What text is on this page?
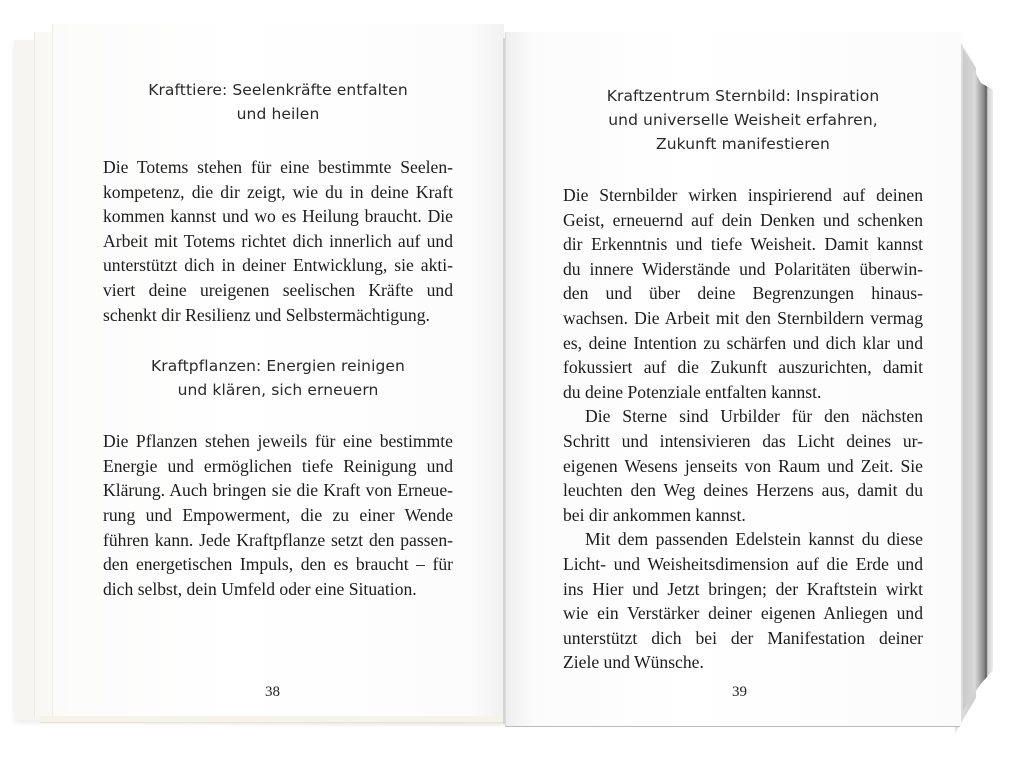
Krafttiere: Seelenkräfte entfalten
und heilen
Die Totems stehen für eine bestimmte Seelen-
kompetenz, die dir zeigt, wie du in deine Kraft
kommen kannst und wo es Heilung braucht. Die
Arbeit mit Totems richtet dich innerlich auf und
unterstützt dich in deiner Entwicklung, sie akti-
viert deine ureigenen seelischen Kräfte und
schenkt dir Resilienz und Selbstermächtigung.
Kraftpflanzen: Energien reinigen
und klären, sich erneuern
Die Pflanzen stehen jeweils für eine bestimmte
Energie und ermöglichen tiefe Reinigung und
Klärung. Auch bringen sie die Kraft von Erneue-
rung und Empowerment, die zu einer Wende
führen kann. Jede Kraftpflanze setzt den passen-
den energetischen Impuls, den es braucht – für
dich selbst, dein Umfeld oder eine Situation.
38
Kraftzentrum Sternbild: Inspiration
und universelle Weisheit erfahren,
Zukunft manifestieren
Die Sternbilder wirken inspirierend auf deinen
Geist, erneuernd auf dein Denken und schenken
dir Erkenntnis und tiefe Weisheit. Damit kannst
du innere Widerstände und Polaritäten überwin-
den und über deine Begrenzungen hinaus-
wachsen. Die Arbeit mit den Sternbildern vermag
es, deine Intention zu schärfen und dich klar und
fokussiert auf die Zukunft auszurichten, damit
du deine Potenziale entfalten kannst.
Die Sterne sind Urbilder für den nächsten
Schritt und intensivieren das Licht deines ur-
eigenen Wesens jenseits von Raum und Zeit. Sie
leuchten den Weg deines Herzens aus, damit du
bei dir ankommen kannst.
Mit dem passenden Edelstein kannst du diese
Licht- und Weisheitsdimension auf die Erde und
ins Hier und Jetzt bringen; der Kraftstein wirkt
wie ein Verstärker deiner eigenen Anliegen und
unterstützt dich bei der Manifestation deiner
Ziele und Wünsche.
39
